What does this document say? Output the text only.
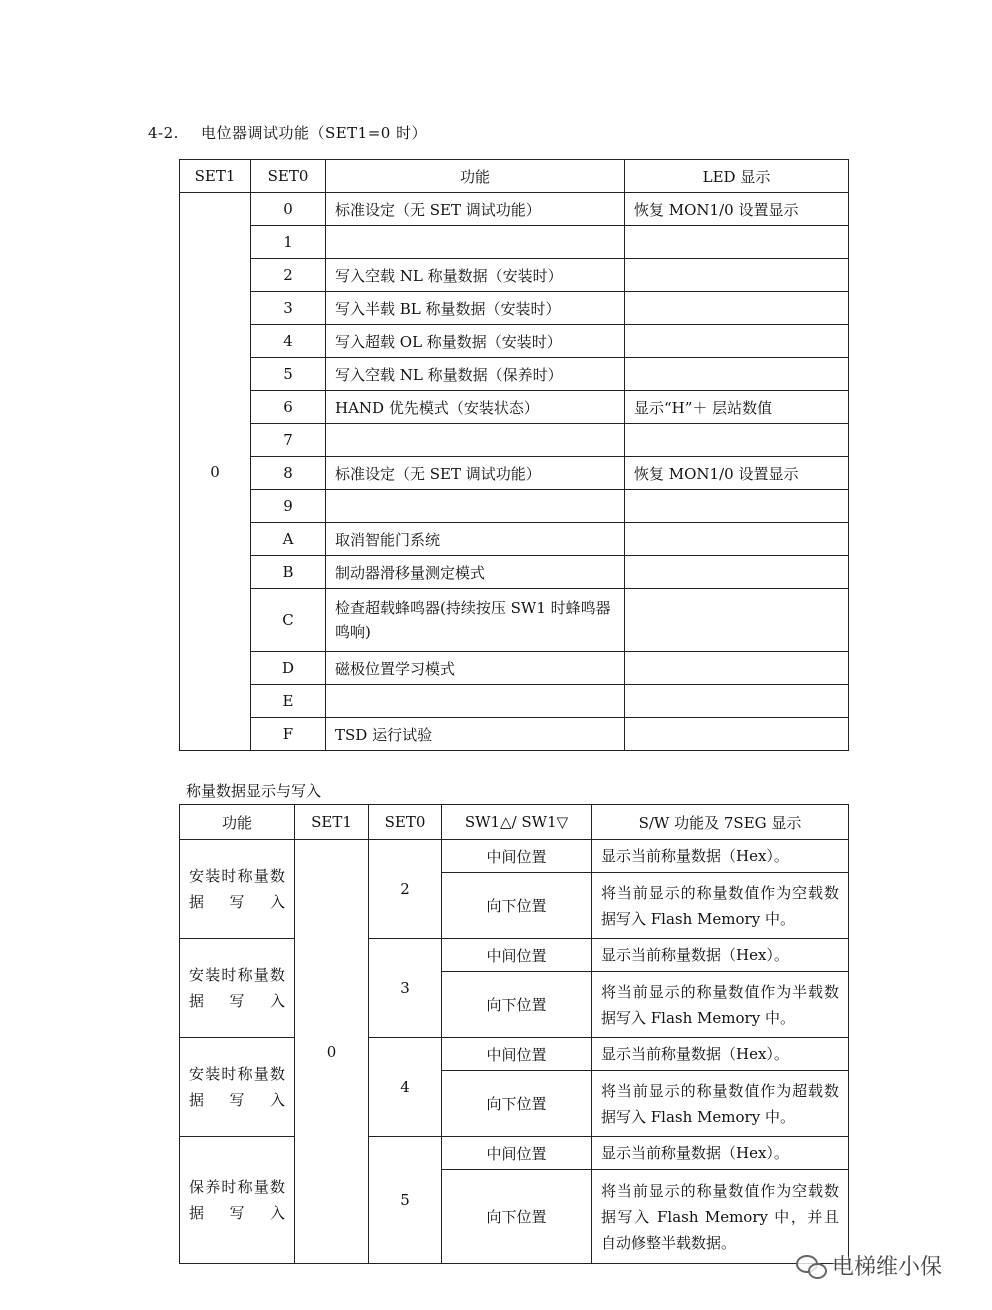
4-2. 电位器调试功能（SET1=0 时）
SET1	SET0	功能	LED 显示
0	0	标准设定（无 SET 调试功能）	恢复 MON1/0 设置显示
	1		
	2	写入空载 NL 称量数据（安装时）	
	3	写入半载 BL 称量数据（安装时）	
	4	写入超载 OL 称量数据（安装时）	
	5	写入空载 NL 称量数据（保养时）	
	6	HAND 优先模式（安装状态）	显示“H”＋ 层站数值
	7		
	8	标准设定（无 SET 调试功能）	恢复 MON1/0 设置显示
	9		
	A	取消智能门系统	
	B	制动器滑移量测定模式	
	C	检查超载蜂鸣器(持续按压 SW1 时蜂鸣器鸣响)	
	D	磁极位置学习模式	
	E		
	F	TSD 运行试验	
称量数据显示与写入
功能	SET1	SET0	SW1△/ SW1▽	S/W 功能及 7SEG 显示
安装时称量数据写入	0	2	中间位置	显示当前称量数据（Hex）。
			向下位置	将当前显示的称量数值作为空载数据写入 Flash Memory 中。
安装时称量数据写入		3	中间位置	显示当前称量数据（Hex）。
			向下位置	将当前显示的称量数值作为半载数据写入 Flash Memory 中。
安装时称量数据写入		4	中间位置	显示当前称量数据（Hex）。
			向下位置	将当前显示的称量数值作为超载数据写入 Flash Memory 中。
保养时称量数据写入		5	中间位置	显示当前称量数据（Hex）。
			向下位置	将当前显示的称量数值作为空载数据写入 Flash Memory 中，并且自动修整半载数据。
电梯维小保
